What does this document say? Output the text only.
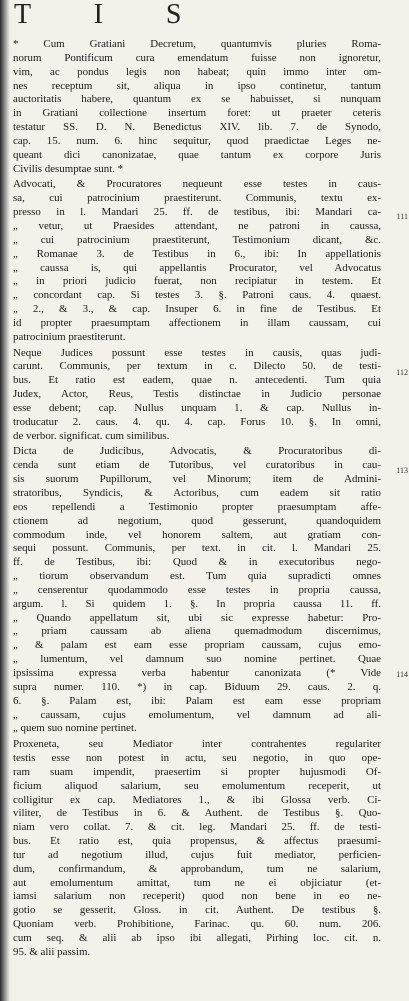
T I S
* Cum Gratiani Decretum, quantumvis pluries Roma-
norum Pontificum cura emendatum fuisse non ignoretur,
vim, ac pondus legis non habeat; quin immo inter om-
nes receptum sit, aliqua in ipso continetur, tantum
auctoritatis habere, quantum ex se habuisset, si nunquam
in Gratiani collectione insertum foret: ut praeter ceteris
testatur SS. D. N. Benedictus XIV. lib. 7. de Synodo,
cap. 15. num. 6. hinc sequitur, quod praedictae Leges ne-
queant dici canonizatae, quae tantum ex corpore Juris
Civilis desumptae sunt. *
Advocati, & Procuratores nequeunt esse testes in caus-
sa, cui patrocinium praestiterunt. Communis, textu ex-
presso in l. Mandari 25. ff. de testibus, ibi: Mandari ca-
„ vetur, ut Praesides attendant, ne patroni in caussa,
„ cui patrocinium praestiterunt, Testimonium dicant, &c.
„ Romanae 3. de Testibus in 6., ibi: In appellationis
„ caussa is, qui appellantis Procurator, vel Advocatus
„ in priori judicio fuerat, non recipiatur in testem. Et
„ concordant cap. Si testes 3. §. Patroni caus. 4. quaest.
„ 2., & 3., & cap. Insuper 6. in fine de Testibus. Et
id propter praesumptam affectionem in illam caussam, cui
patrocinium praestiterunt.
Neque Judices possunt esse testes in causis, quas judi-
carunt. Communis, per textum in c. Dilecto 50. de testi-
bus. Et ratio est eadem, quae n. antecedenti. Tum quia
Judex, Actor, Reus, Testis distinctae in Judicio personae
esse debent; cap. Nullus unquam 1. & cap. Nullus in-
troducatur 2. caus. 4. qu. 4. cap. Forus 10. §. In omni,
de verbor. significat. cum similibus.
Dicta de Judicibus, Advocatis, & Procuratoribus di-
cenda sunt etiam de Tutoribus, vel curatoribus in cau-
sis suorum Pupillorum, vel Minorum; item de Admini-
stratoribus, Syndicis, & Actoribus, cum eadem sit ratio
eos repellendi a Testimonio propter praesumptam affe-
ctionem ad negotium, quod gesserunt, quandoquidem
commodum inde, vel honorem saltem, aut gratiam con-
sequi possunt. Communis, per text. in cit. l. Mandari 25.
ff. de Testibus, ibi: Quod & in executoribus nego-
„ tiorum observandum est. Tum quia supradicti omnes
„ censerentur quodammodo esse testes in propria caussa,
argum. l. Si quidem 1. §. In propria caussa 11. ff.
„ Quando appellatum sit, ubi sic expresse habetur: Pro-
„ priam caussam ab aliena quemadmodum discernimus,
„ & palam est eam esse propriam caussam, cujus emo-
„ lumentum, vel damnum suo nomine pertinet. Quae
ipsissima expressa verba habentur canonizata (* Vide
supra numer. 110. *) in cap. Biduum 29. caus. 2. q.
6. §. Palam est, ibi: Palam est eam esse propriam
„ caussam, cujus emolumentum, vel damnum ad ali-
„ quem suo nomine pertinet.
Proxeneta, seu Mediator inter contrahentes regulariter
testis esse non potest in actu, seu negotio, in quo ope-
ram suam impendit, praesertim si propter hujusmodi Of-
ficium aliquod salarium, seu emolumentum receperit, ut
colligitur ex cap. Mediatores 1., & ibi Glossa verb. Ci-
viliter, de Testibus in 6. & Authent. de Testibus §. Quo-
niam vero collat. 7. & cit. leg. Mandari 25. ff. de testi-
bus. Et ratio est, quia propensus, & affectus praesumi-
tur ad negotium illud, cujus fuit mediator, perficien-
dum, confirmandum, & approbandum, tum ne salarium,
aut emolumentum amittat, tum ne ei objiciatur (et-
iamsi salarium non receperit) quod non bene in eo ne-
gotio se gesserit. Gloss. in cit. Authent. De testibus §.
Quoniam verb. Prohibitione, Farinac. qu. 60. num. 206.
cum seq. & alii ab ipso ibi allegati, Pirhing loc. cit. n.
95. & alii passim.
111
112
113
114
